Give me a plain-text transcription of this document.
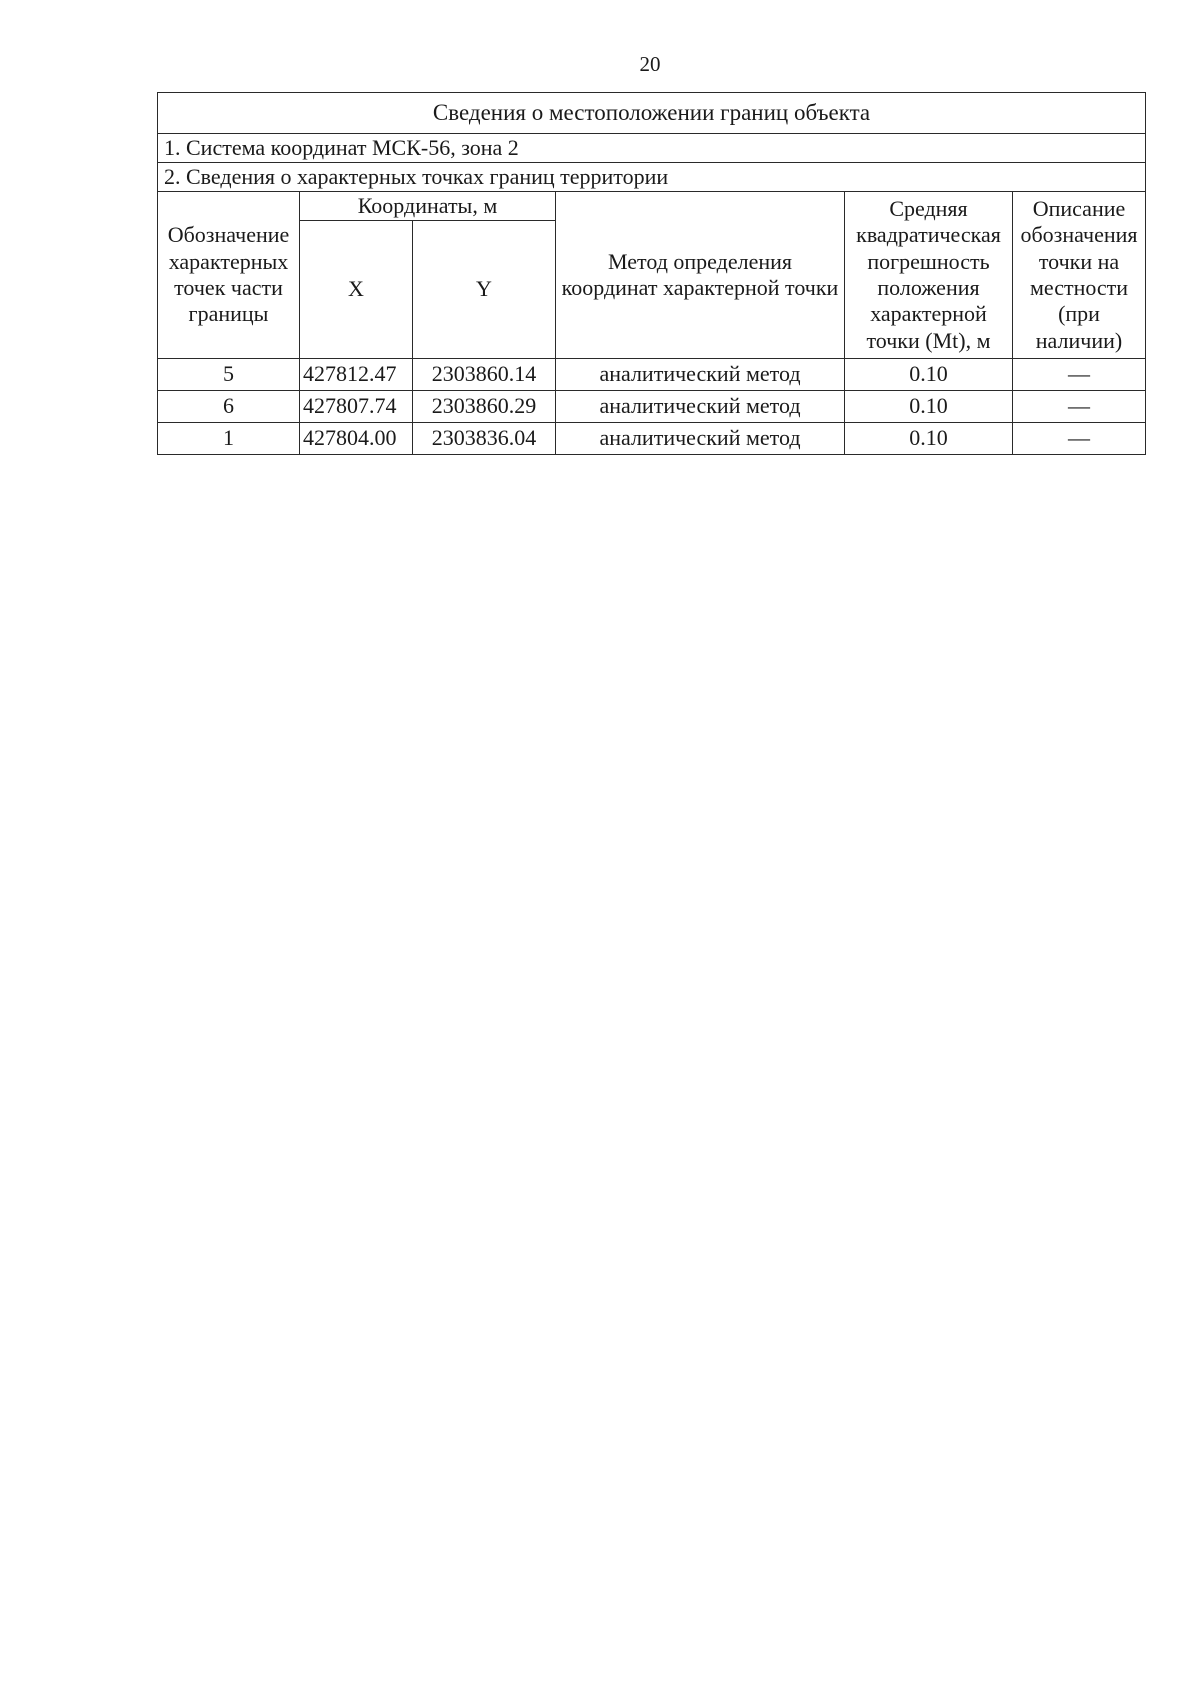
20
Сведения о местоположении границ объекта					
1. Система координат МСК-56, зона 2					
2. Сведения о характерных точках границ территории					
Обозначение характерных точек части границы	Координаты, м		Метод определения координат характерной точки	Средняя квадратическая погрешность положения характерной точки (Mt), м	Описание обозначения точки на местности (при наличии)
	X	Y			
5	427812.47	2303860.14	аналитический метод	0.10	—
6	427807.74	2303860.29	аналитический метод	0.10	—
1	427804.00	2303836.04	аналитический метод	0.10	—
